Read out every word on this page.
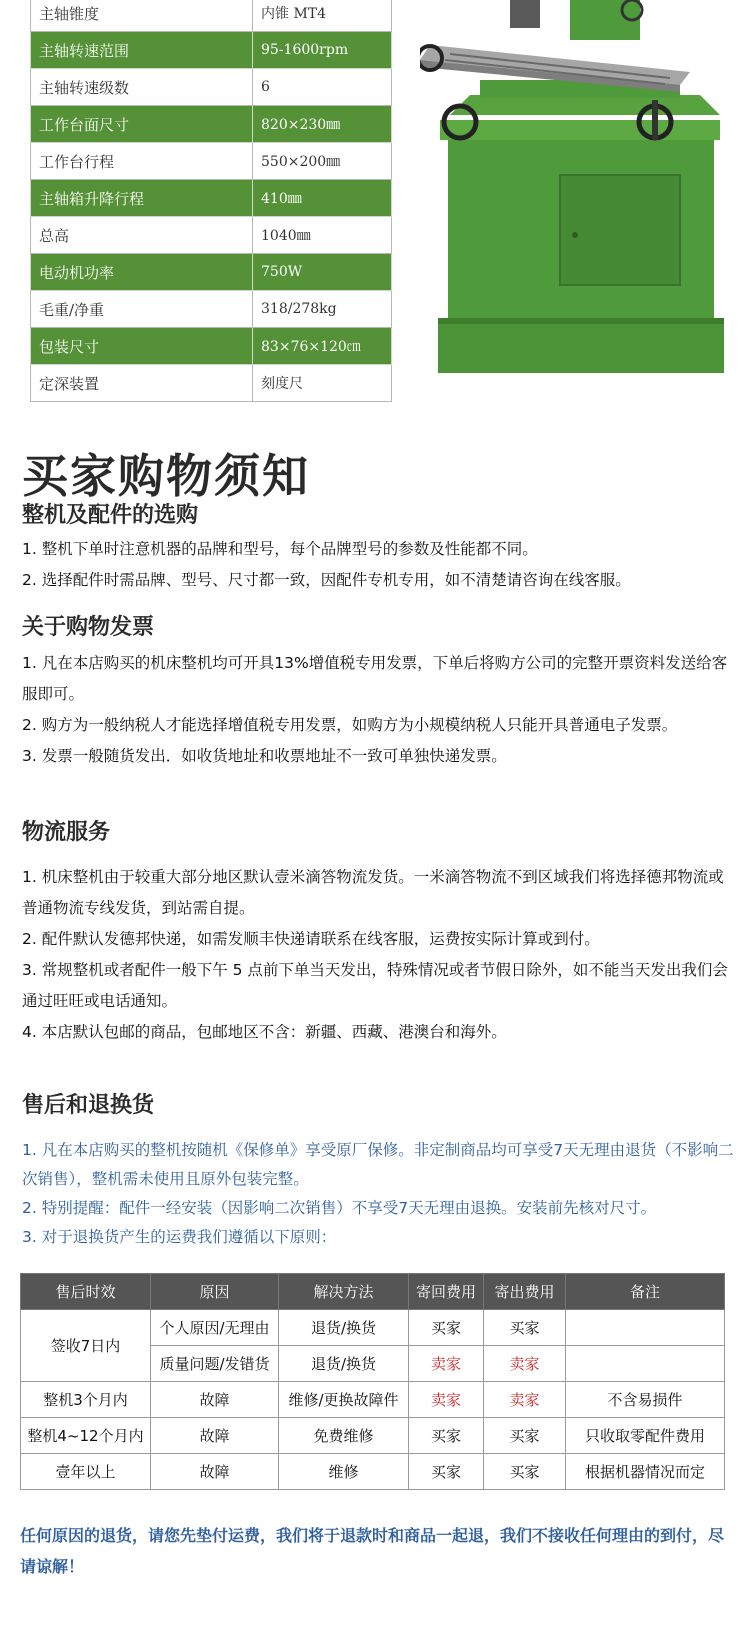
主轴锥度	内锥 MT4
主轴转速范围	95-1600rpm
主轴转速级数	6
工作台面尺寸	820×230㎜
工作台行程	550×200㎜
主轴箱升降行程	410㎜
总高	1040㎜
电动机功率	750W
毛重/净重	318/278kg
包装尺寸	83×76×120㎝
定深装置	刻度尺
买家购物须知
整机及配件的选购

1. 整机下单时注意机器的品牌和型号，每个品牌型号的参数及性能都不同。

2. 选择配件时需品牌、型号、尺寸都一致，因配件专机专用，如不清楚请咨询在线客服。

关于购物发票

1. 凡在本店购买的机床整机均可开具13%增值税专用发票，下单后将购方公司的完整开票资料发送给客服即可。

2. 购方为一般纳税人才能选择增值税专用发票，如购方为小规模纳税人只能开具普通电子发票。

3. 发票一般随货发出．如收货地址和收票地址不一致可单独快递发票。

物流服务

1. 机床整机由于较重大部分地区默认壹米滴答物流发货。一米滴答物流不到区域我们将选择德邦物流或普通物流专线发货，到站需自提。

2. 配件默认发德邦快递，如需发顺丰快递请联系在线客服，运费按实际计算或到付。

3. 常规整机或者配件一般下午 5 点前下单当天发出，特殊情况或者节假日除外，如不能当天发出我们会通过旺旺或电话通知。

4. 本店默认包邮的商品，包邮地区不含：新疆、西藏、港澳台和海外。

售后和退换货

1. 凡在本店购买的整机按随机《保修单》享受原厂保修。非定制商品均可享受7天无理由退货（不影响二次销售），整机需未使用且原外包装完整。

2. 特别提醒：配件一经安装（因影响二次销售）不享受7天无理由退换。安装前先核对尺寸。

3. 对于退换货产生的运费我们遵循以下原则：

售后时效	原因	解决方法	寄回费用	寄出费用	备注
签收7日内	个人原因/无理由	退货/换货	买家	买家	
	质量问题/发错货	退货/换货	卖家	卖家	
整机3个月内	故障	维修/更换故障件	卖家	卖家	不含易损件
整机4~12个月内	故障	免费维修	买家	买家	只收取零配件费用
壹年以上	故障	维修	买家	买家	根据机器情况而定
任何原因的退货，请您先垫付运费，我们将于退款时和商品一起退，我们不接收任何理由的到付，尽请谅解！
